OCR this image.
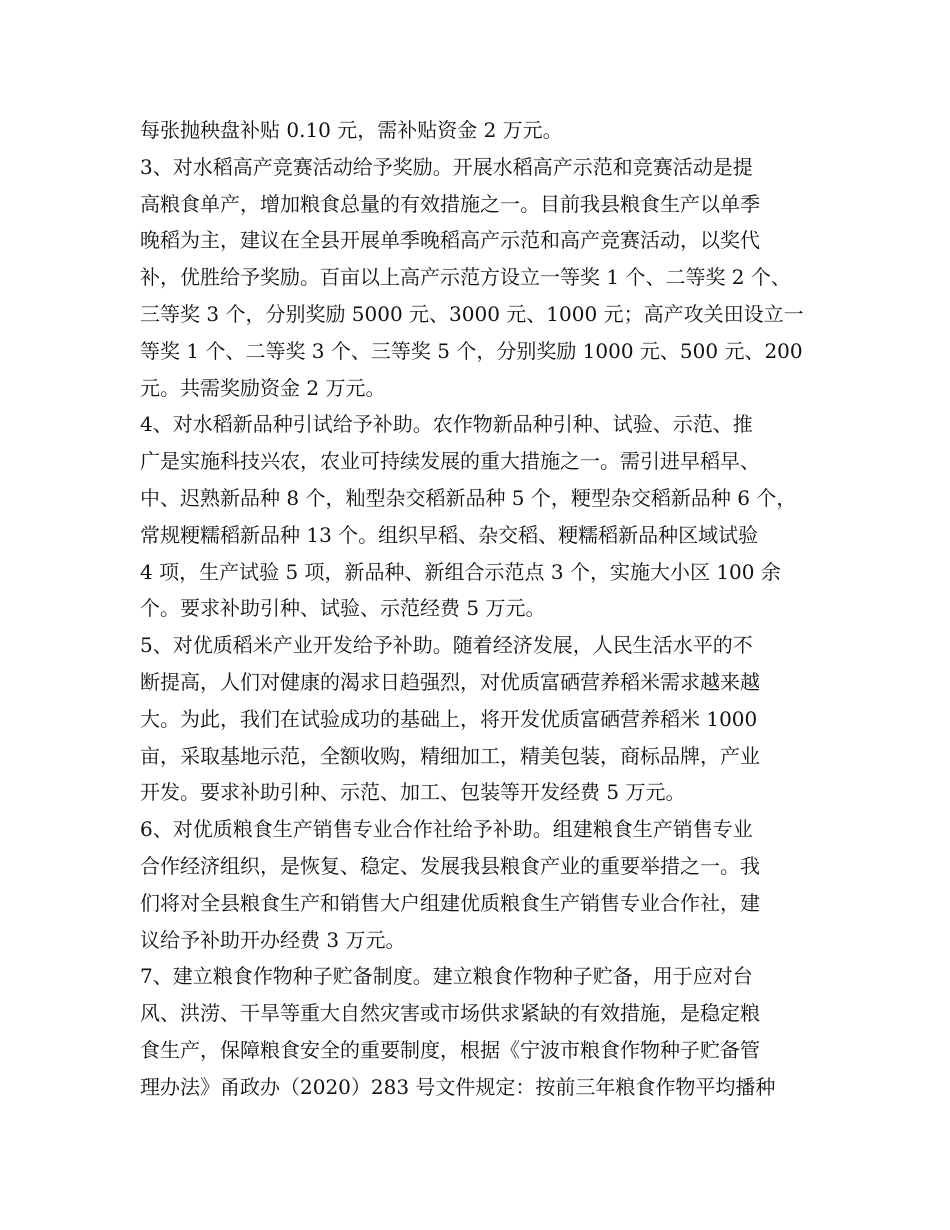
每张抛秧盘补贴 0.10 元，需补贴资金 2 万元。
3、对水稻高产竞赛活动给予奖励。开展水稻高产示范和竞赛活动是提
高粮食单产，增加粮食总量的有效措施之一。目前我县粮食生产以单季
晚稻为主，建议在全县开展单季晚稻高产示范和高产竞赛活动，以奖代
补，优胜给予奖励。百亩以上高产示范方设立一等奖 1 个、二等奖 2 个、
三等奖 3 个，分别奖励 5000 元、3000 元、1000 元；高产攻关田设立一
等奖 1 个、二等奖 3 个、三等奖 5 个，分别奖励 1000 元、500 元、200
元。共需奖励资金 2 万元。
4、对水稻新品种引试给予补助。农作物新品种引种、试验、示范、推
广是实施科技兴农，农业可持续发展的重大措施之一。需引进早稻早、
中、迟熟新品种 8 个，籼型杂交稻新品种 5 个，粳型杂交稻新品种 6 个，
常规粳糯稻新品种 13 个。组织早稻、杂交稻、粳糯稻新品种区域试验
4 项，生产试验 5 项，新品种、新组合示范点 3 个，实施大小区 100 余
个。要求补助引种、试验、示范经费 5 万元。
5、对优质稻米产业开发给予补助。随着经济发展，人民生活水平的不
断提高，人们对健康的渴求日趋强烈，对优质富硒营养稻米需求越来越
大。为此，我们在试验成功的基础上，将开发优质富硒营养稻米 1000
亩，采取基地示范，全额收购，精细加工，精美包装，商标品牌，产业
开发。要求补助引种、示范、加工、包装等开发经费 5 万元。
6、对优质粮食生产销售专业合作社给予补助。组建粮食生产销售专业
合作经济组织，是恢复、稳定、发展我县粮食产业的重要举措之一。我
们将对全县粮食生产和销售大户组建优质粮食生产销售专业合作社，建
议给予补助开办经费 3 万元。
7、建立粮食作物种子贮备制度。建立粮食作物种子贮备，用于应对台
风、洪涝、干旱等重大自然灾害或市场供求紧缺的有效措施，是稳定粮
食生产，保障粮食安全的重要制度，根据《宁波市粮食作物种子贮备管
理办法》甬政办（2020）283 号文件规定：按前三年粮食作物平均播种
